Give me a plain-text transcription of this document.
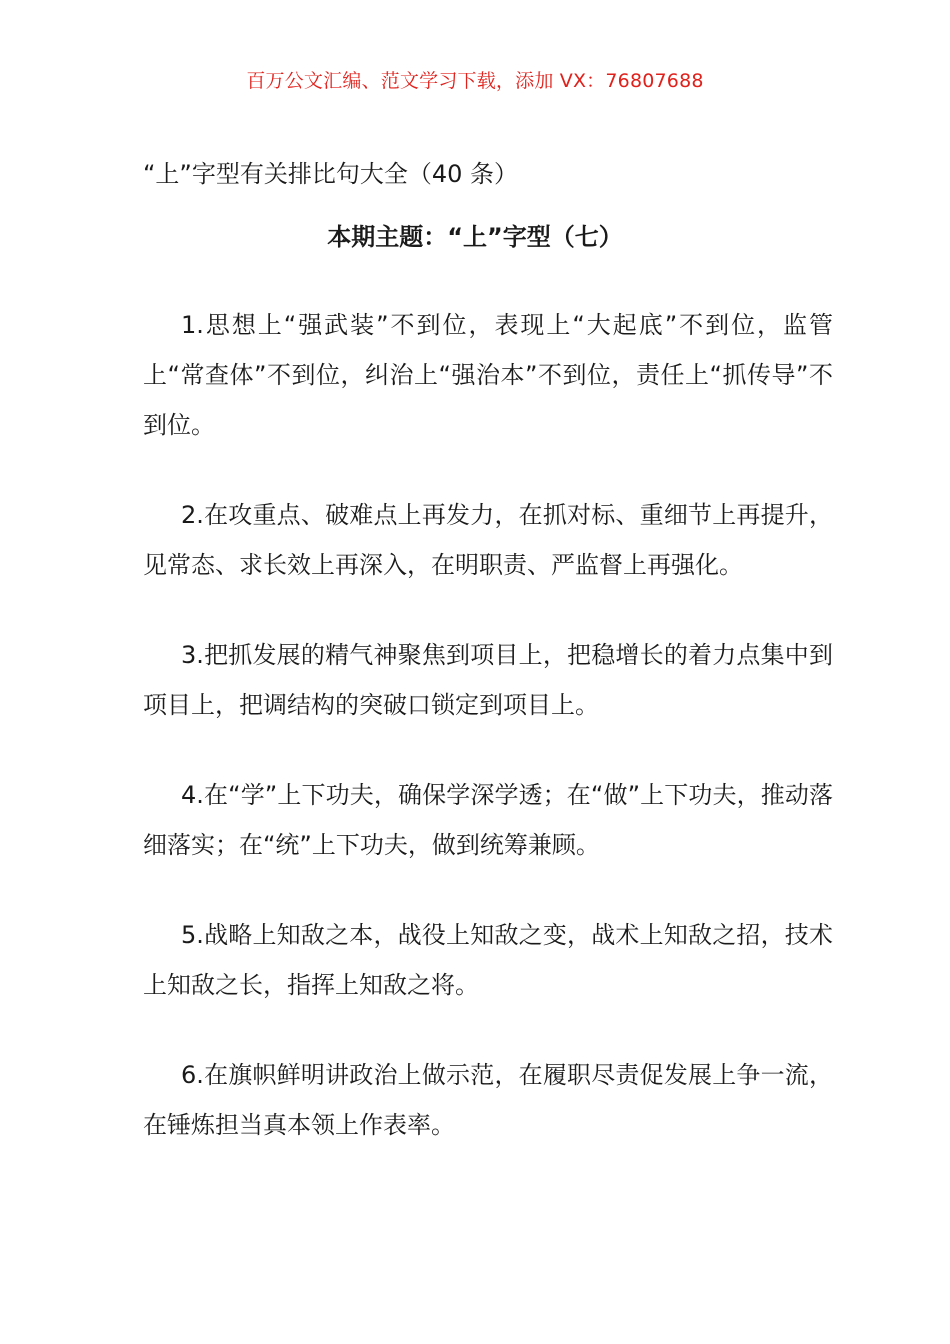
百万公文汇编、范文学习下载，添加 VX：76807688
“上”字型有关排比句大全（40 条）
本期主题：“上”字型（七）

1.思想上“强武装”不到位，表现上“大起底”不到位，监管上“常查体”不到位，纠治上“强治本”不到位，责任上“抓传导”不到位。

2.在攻重点、破难点上再发力，在抓对标、重细节上再提升，见常态、求长效上再深入，在明职责、严监督上再强化。

3.把抓发展的精气神聚焦到项目上，把稳增长的着力点集中到项目上，把调结构的突破口锁定到项目上。

4.在“学”上下功夫，确保学深学透；在“做”上下功夫，推动落细落实；在“统”上下功夫，做到统筹兼顾。

5.战略上知敌之本，战役上知敌之变，战术上知敌之招，技术上知敌之长，指挥上知敌之将。

6.在旗帜鲜明讲政治上做示范，在履职尽责促发展上争一流，在锤炼担当真本领上作表率。
